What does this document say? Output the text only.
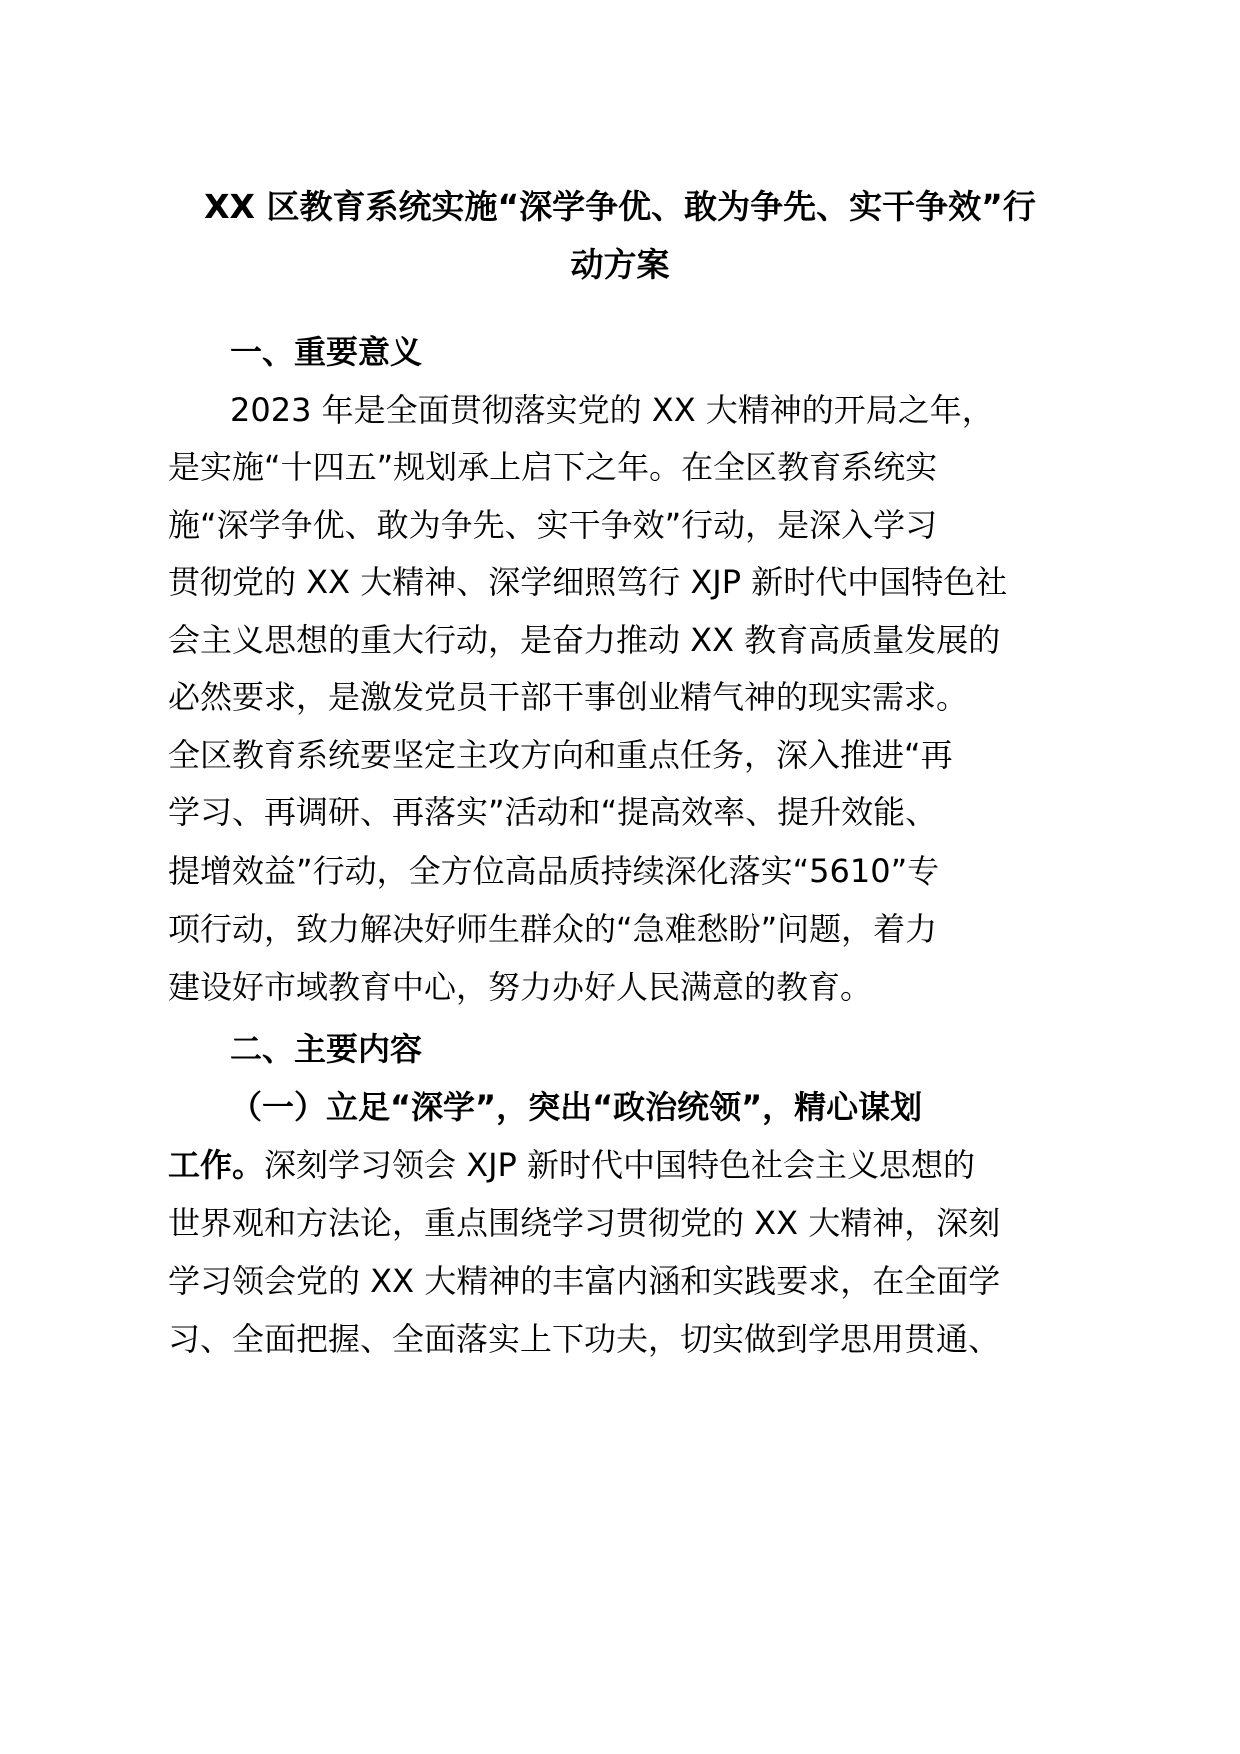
XX 区教育系统实施“深学争优、敢为争先、实干争效”行
动方案
一、重要意义
2023 年是全面贯彻落实党的 XX 大精神的开局之年，
是实施“十四五”规划承上启下之年。在全区教育系统实
施“深学争优、敢为争先、实干争效”行动，是深入学习
贯彻党的 XX 大精神、深学细照笃行 XJP 新时代中国特色社
会主义思想的重大行动，是奋力推动 XX 教育高质量发展的
必然要求，是激发党员干部干事创业精气神的现实需求。
全区教育系统要坚定主攻方向和重点任务，深入推进“再
学习、再调研、再落实”活动和“提高效率、提升效能、
提增效益”行动，全方位高品质持续深化落实“5610”专
项行动，致力解决好师生群众的“急难愁盼”问题，着力
建设好市域教育中心，努力办好人民满意的教育。
二、主要内容
（一）立足“深学”，突出“政治统领”，精心谋划
工作。深刻学习领会 XJP 新时代中国特色社会主义思想的
世界观和方法论，重点围绕学习贯彻党的 XX 大精神，深刻
学习领会党的 XX 大精神的丰富内涵和实践要求，在全面学
习、全面把握、全面落实上下功夫，切实做到学思用贯通、
